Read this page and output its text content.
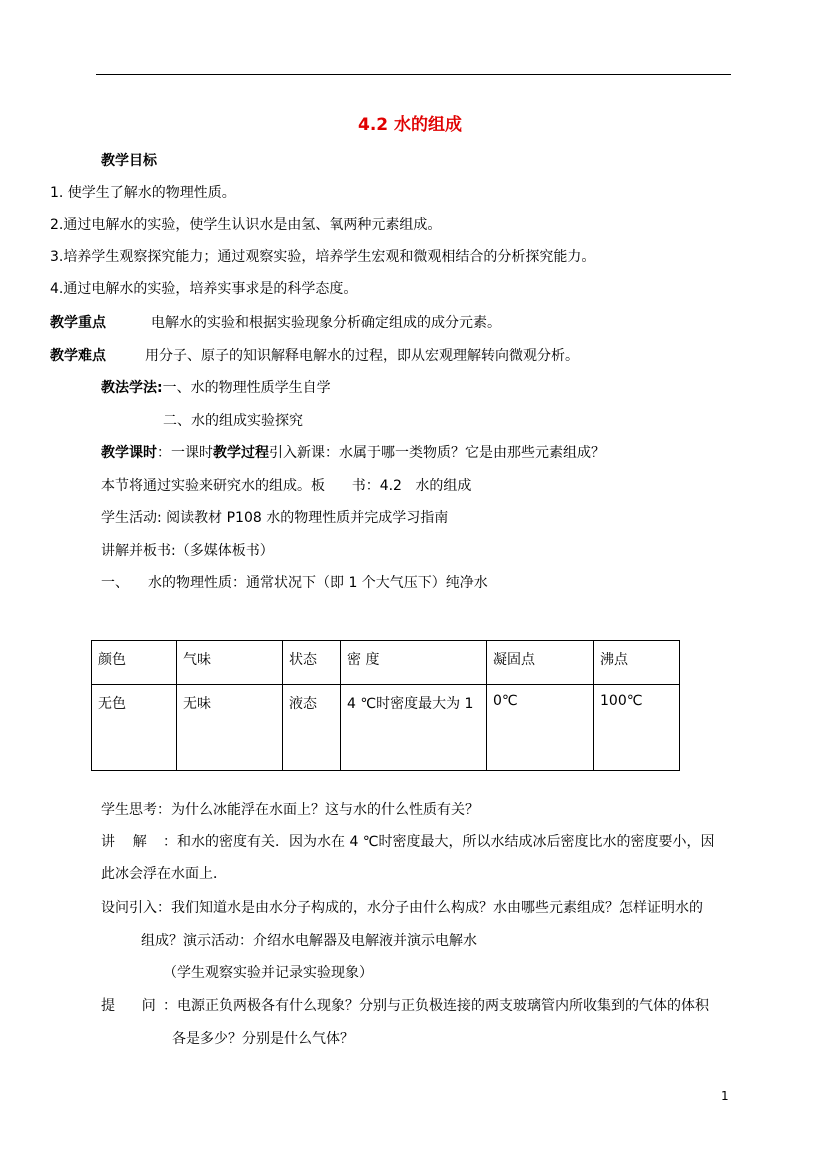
4.2 水的组成
教学目标
1. 使学生了解水的物理性质。
2.通过电解水的实验，使学生认识水是由氢、氧两种元素组成。
3.培养学生观察探究能力；通过观察实验，培养学生宏观和微观相结合的分析探究能力。
4.通过电解水的实验，培养实事求是的科学态度。
教学重点	电解水的实验和根据实验现象分析确定组成的成分元素。
教学难点	用分子、原子的知识解释电解水的过程，即从宏观理解转向微观分析。
教法学法:一、水的物理性质学生自学
二、水的组成实验探究
教学课时：一课时教学过程引入新课：水属于哪一类物质？它是由那些元素组成？
本节将通过实验来研究水的组成。板      书：4.2   水的组成
学生活动: 阅读教材 P108 水的物理性质并完成学习指南
讲解并板书:（多媒体板书）
一、 水的物理性质：通常状况下（即 1 个大气压下）纯净水
颜色	气味	状态	密 度	凝固点	沸点
无色	无味	液态	4 ℃时密度最大为 1	0℃	100℃
学生思考：为什么冰能浮在水面上？这与水的什么性质有关？
讲    解 ：和水的密度有关．因为水在 4 ℃时密度最大，所以水结成冰后密度比水的密度要小，因
此冰会浮在水面上．
设问引入：我们知道水是由水分子构成的，水分子由什么构成？水由哪些元素组成？怎样证明水的
组成？演示活动：介绍水电解器及电解液并演示电解水
（学生观察实验并记录实验现象）
提      问 ：电源正负两极各有什么现象？分别与正负极连接的两支玻璃管内所收集到的气体的体积
各是多少？分别是什么气体？
1
